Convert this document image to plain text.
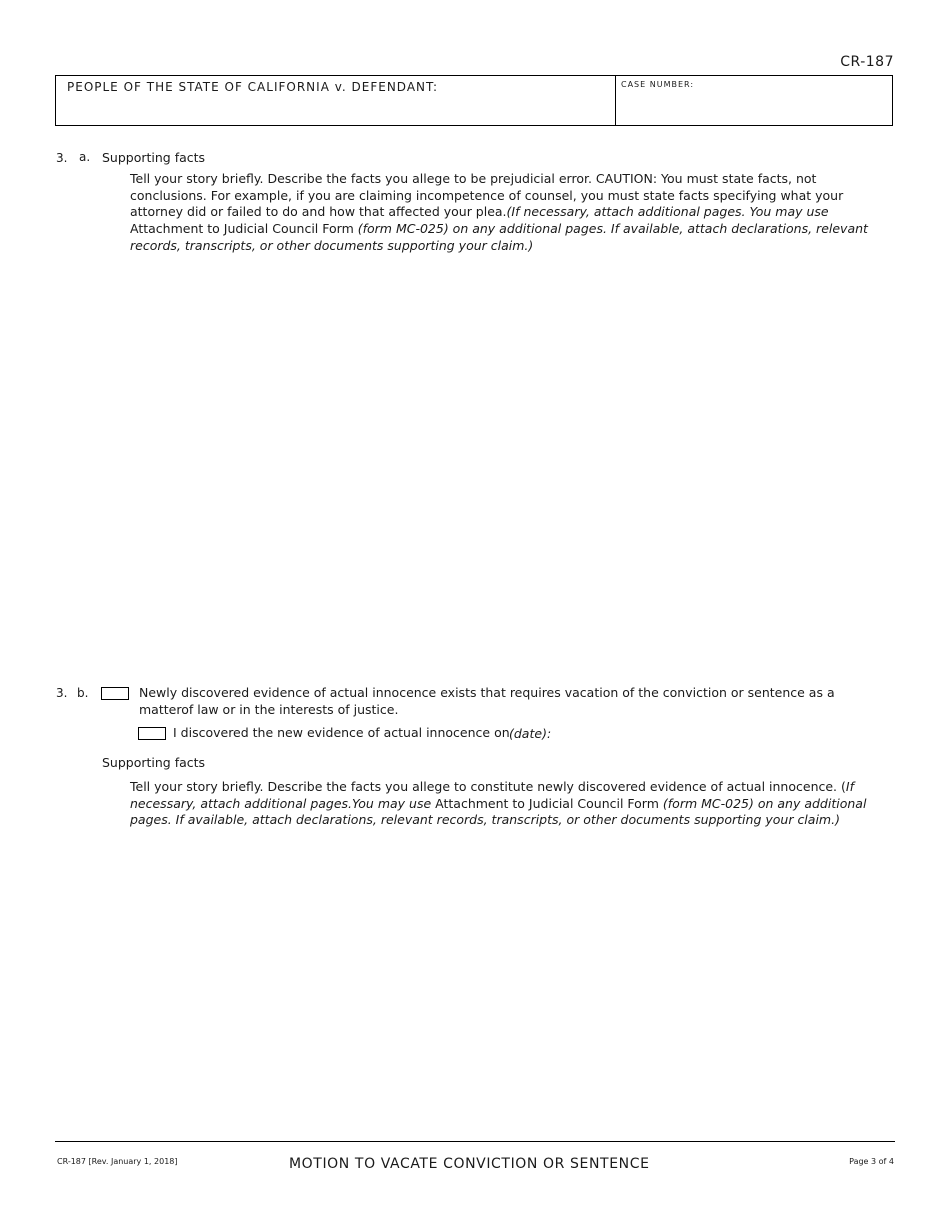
CR-187
PEOPLE OF THE STATE OF CALIFORNIA v. DEFENDANT:	CASE NUMBER:
3. a. Supporting facts
Tell your story briefly. Describe the facts you allege to be prejudicial error. CAUTION: You must state facts, not conclusions. For example, if you are claiming incompetence of counsel, you must state facts specifying what your attorney did or failed to do and how that affected your plea.(If necessary, attach additional pages. You may use Attachment to Judicial Council Form (form MC-025) on any additional pages. If available, attach declarations, relevant records, transcripts, or other documents supporting your claim.)
3. b.	Newly discovered evidence of actual innocence exists that requires vacation of the conviction or sentence as a matterof law or in the interests of justice.
I discovered the new evidence of actual innocence on (date):
Supporting facts
Tell your story briefly. Describe the facts you allege to constitute newly discovered evidence of actual innocence. (If necessary, attach additional pages.You may use Attachment to Judicial Council Form (form MC-025) on any additional pages. If available, attach declarations, relevant records, transcripts, or other documents supporting your claim.)
CR-187 [Rev. January 1, 2018]	MOTION TO VACATE CONVICTION OR SENTENCE	Page 3 of 4
